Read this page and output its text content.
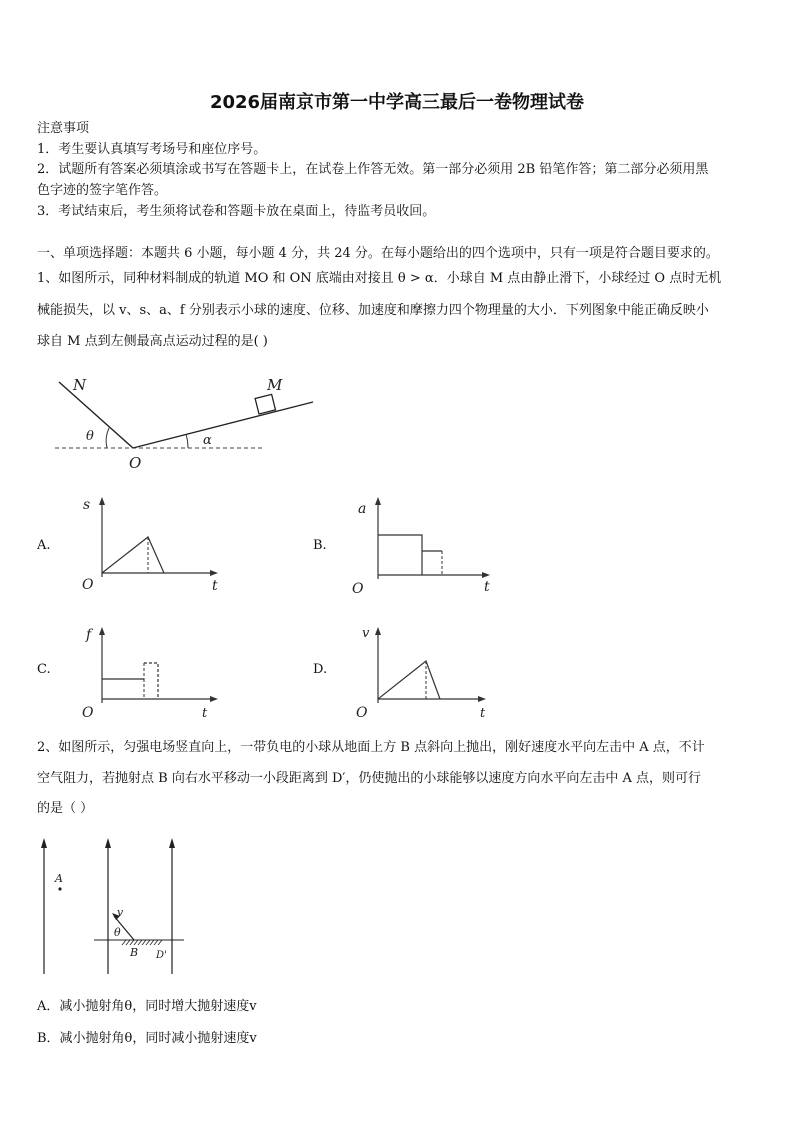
2026届南京市第一中学高三最后一卷物理试卷
注意事项
1．考生要认真填写考场号和座位序号。
2．试题所有答案必须填涂或书写在答题卡上，在试卷上作答无效。第一部分必须用 2B 铅笔作答；第二部分必须用黑
色字迹的签字笔作答。
3．考试结束后，考生须将试卷和答题卡放在桌面上，待监考员收回。
一、单项选择题：本题共 6 小题，每小题 4 分，共 24 分。在每小题给出的四个选项中，只有一项是符合题目要求的。
1、如图所示，同种材料制成的轨道 MO 和 ON 底端由对接且 θ > α．小球自 M 点由静止滑下，小球经过 O 点时无机
械能损失，以 v、s、a、f 分别表示小球的速度、位移、加速度和摩擦力四个物理量的大小．下列图象中能正确反映小
球自 M 点到左侧最高点运动过程的是( )
N	M
O
θ	α
A.
s
t
O
B.
a
t
O
C.
f
t
O
D.
v
t
O
2、如图所示，匀强电场竖直向上，一带负电的小球从地面上方 B 点斜向上抛出，刚好速度水平向左击中 A 点，不计
空气阻力，若抛射点 B 向右水平移动一小段距离到 D′，仍使抛出的小球能够以速度方向水平向左击中 A 点，则可行
的是（ ）
A
v
θ
B D'
A．减小抛射角θ，同时增大抛射速度v
B．减小抛射角θ，同时减小抛射速度v
